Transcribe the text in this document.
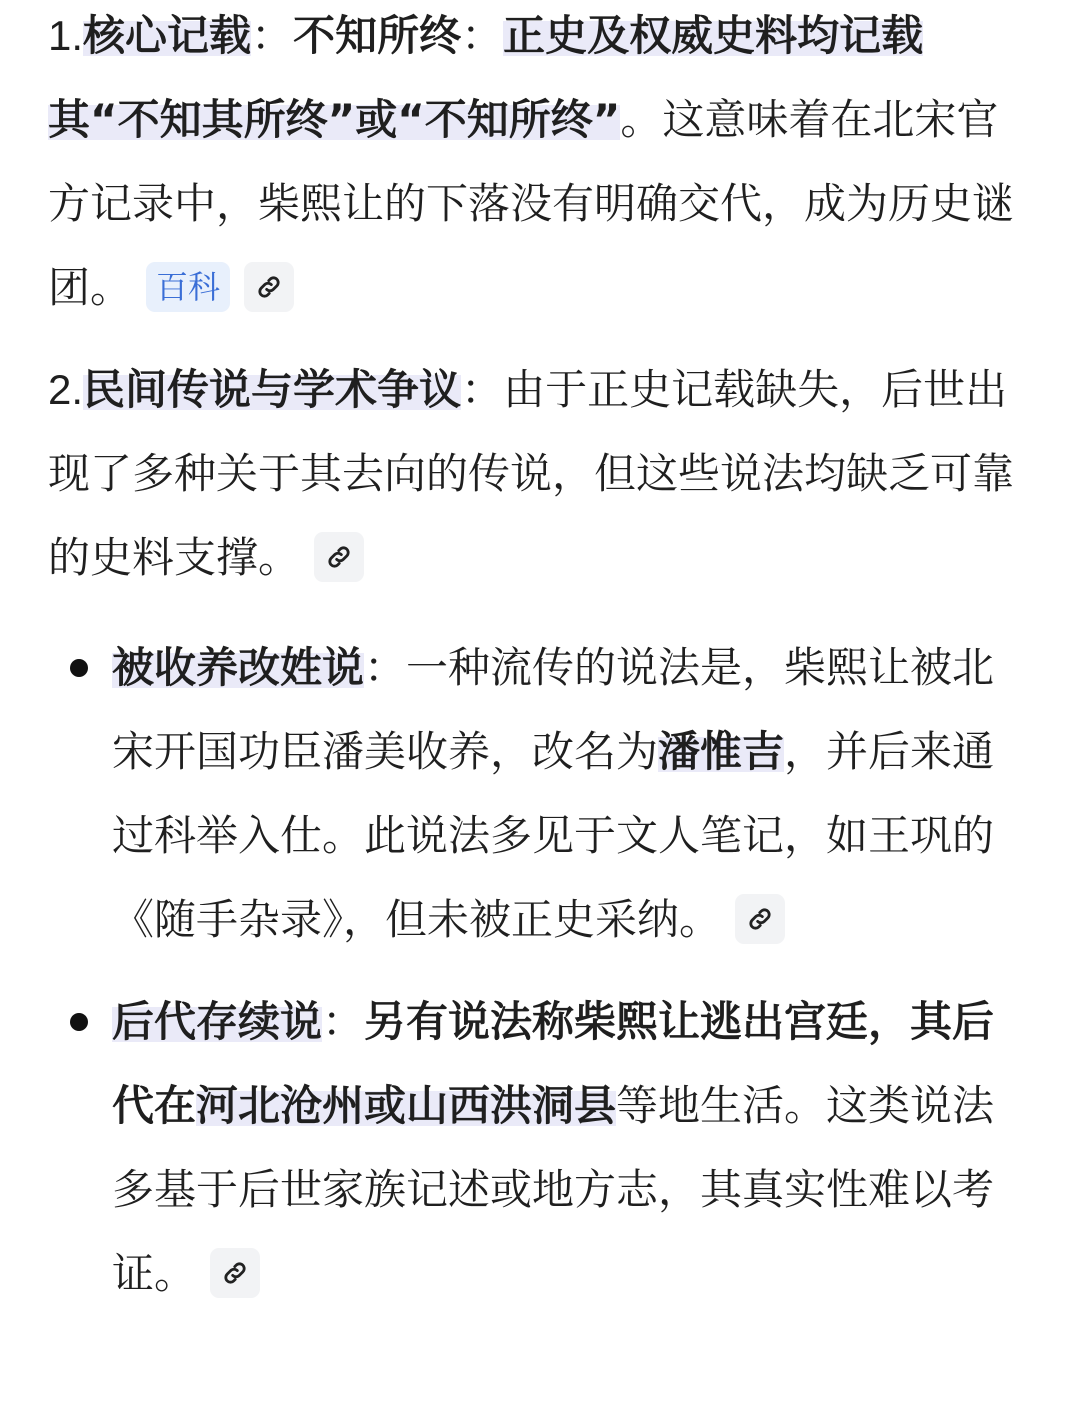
1.核心记载：不知所终：正史及权威史料均记载其“不知其所终”或“不知所终”。这意味着在北宋官方记录中，柴熙让的下落没有明确交代，成为历史谜团。 百科

2.民间传说与学术争议：由于正史记载缺失，后世出现了多种关于其去向的传说，但这些说法均缺乏可靠的史料支撑。

被收养改姓说：一种流传的说法是，柴熙让被北宋开国功臣潘美收养，改名为潘惟吉，并后来通过科举入仕。此说法多见于文人笔记，如王巩的《随手杂录》，但未被正史采纳。
后代存续说：另有说法称柴熙让逃出宫廷，其后代在河北沧州或山西洪洞县等地生活。这类说法多基于后世家族记述或地方志，其真实性难以考证。
